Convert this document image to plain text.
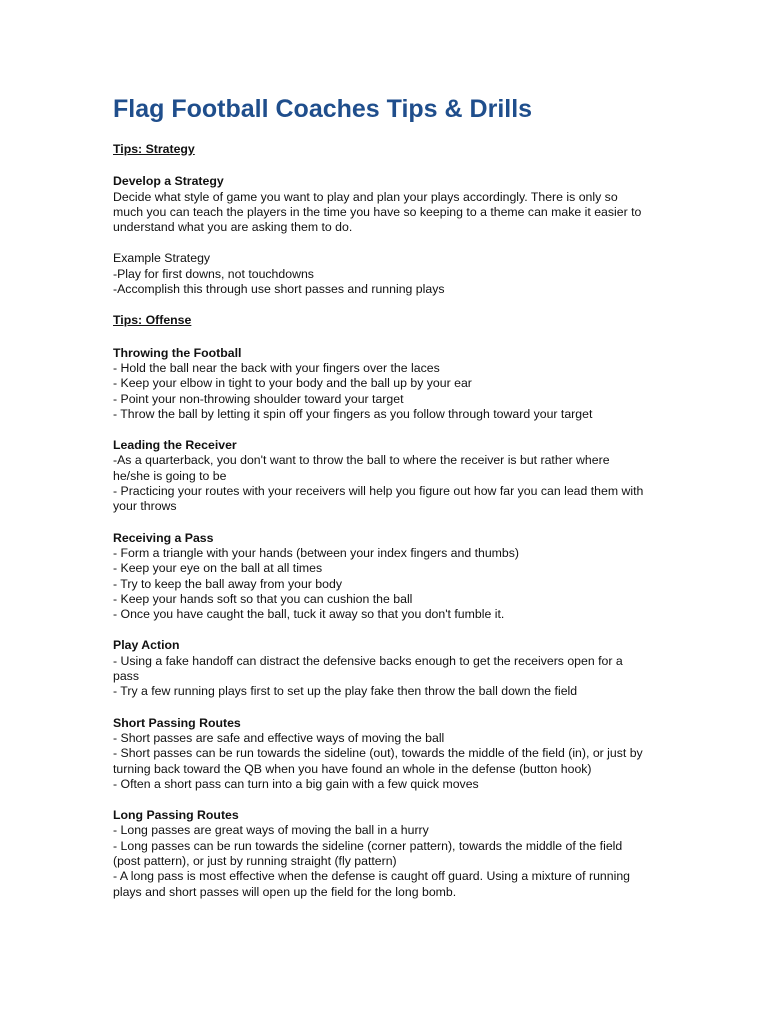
Flag Football Coaches Tips & Drills
Tips: Strategy
Develop a Strategy
Decide what style of game you want to play and plan your plays accordingly. There is only so
much you can teach the players in the time you have so keeping to a theme can make it easier to
understand what you are asking them to do.
Example Strategy
-Play for first downs, not touchdowns
-Accomplish this through use short passes and running plays
Tips: Offense
Throwing the Football
- Hold the ball near the back with your fingers over the laces
- Keep your elbow in tight to your body and the ball up by your ear
- Point your non-throwing shoulder toward your target
- Throw the ball by letting it spin off your fingers as you follow through toward your target
Leading the Receiver
-As a quarterback, you don't want to throw the ball to where the receiver is but rather where
he/she is going to be
- Practicing your routes with your receivers will help you figure out how far you can lead them with
your throws
Receiving a Pass
- Form a triangle with your hands (between your index fingers and thumbs)
- Keep your eye on the ball at all times
- Try to keep the ball away from your body
- Keep your hands soft so that you can cushion the ball
- Once you have caught the ball, tuck it away so that you don't fumble it.
Play Action
- Using a fake handoff can distract the defensive backs enough to get the receivers open for a
pass
- Try a few running plays first to set up the play fake then throw the ball down the field
Short Passing Routes
- Short passes are safe and effective ways of moving the ball
- Short passes can be run towards the sideline (out), towards the middle of the field (in), or just by
turning back toward the QB when you have found an whole in the defense (button hook)
- Often a short pass can turn into a big gain with a few quick moves
Long Passing Routes
- Long passes are great ways of moving the ball in a hurry
- Long passes can be run towards the sideline (corner pattern), towards the middle of the field
(post pattern), or just by running straight (fly pattern)
- A long pass is most effective when the defense is caught off guard. Using a mixture of running
plays and short passes will open up the field for the long bomb.
